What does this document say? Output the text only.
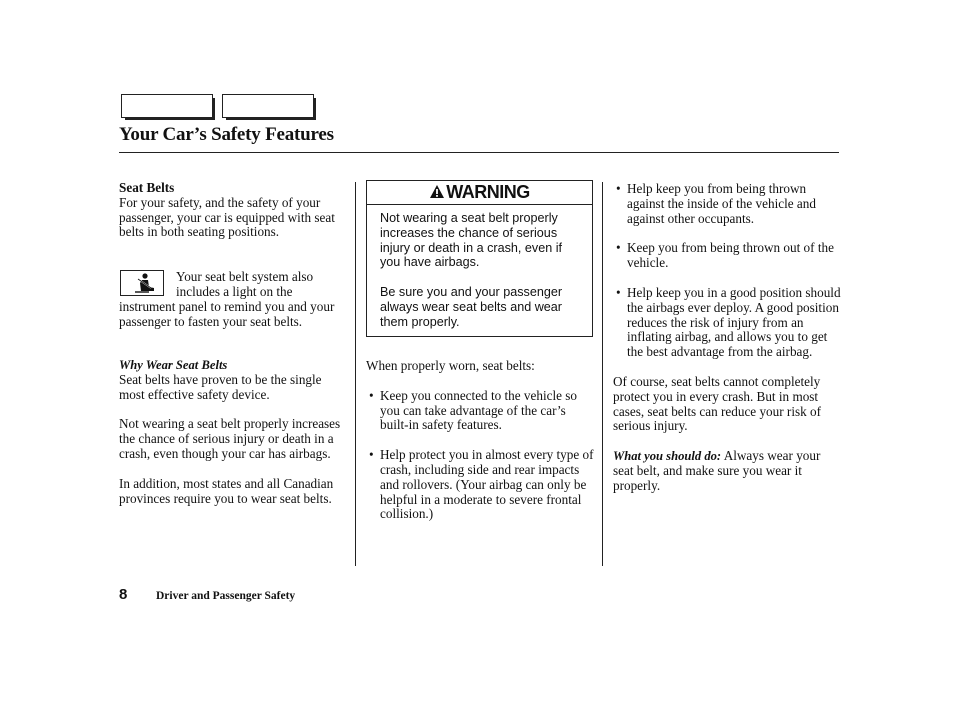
Your Car’s Safety Features

Seat Belts

For your safety, and the safety of your passenger, your car is equipped with seat belts in both seating positions.

Your seat belt system also
includes a light on the
instrument panel to remind you and your passenger to fasten your seat belts.

Why Wear Seat Belts

Seat belts have proven to be the single most effective safety device.

Not wearing a seat belt properly increases the chance of serious injury or death in a crash, even though your car has airbags.

In addition, most states and all Canadian provinces require you to wear seat belts.

WARNING

Not wearing a seat belt properly increases the chance of serious injury or death in a crash, even if you have airbags.

Be sure you and your passenger always wear seat belts and wear them properly.

When properly worn, seat belts:

• Keep you connected to the vehicle so you can take advantage of the car’s built-in safety features.

• Help protect you in almost every type of crash, including side and rear impacts and rollovers. (Your airbag can only be helpful in a moderate to severe frontal collision.)

• Help keep you from being thrown against the inside of the vehicle and against other occupants.

• Keep you from being thrown out of the vehicle.

• Help keep you in a good position should the airbags ever deploy. A good position reduces the risk of injury from an inflating airbag, and allows you to get the best advantage from the airbag.

Of course, seat belts cannot completely protect you in every crash. But in most cases, seat belts can reduce your risk of serious injury.

What you should do: Always wear your seat belt, and make sure you wear it properly.

8 Driver and Passenger Safety
